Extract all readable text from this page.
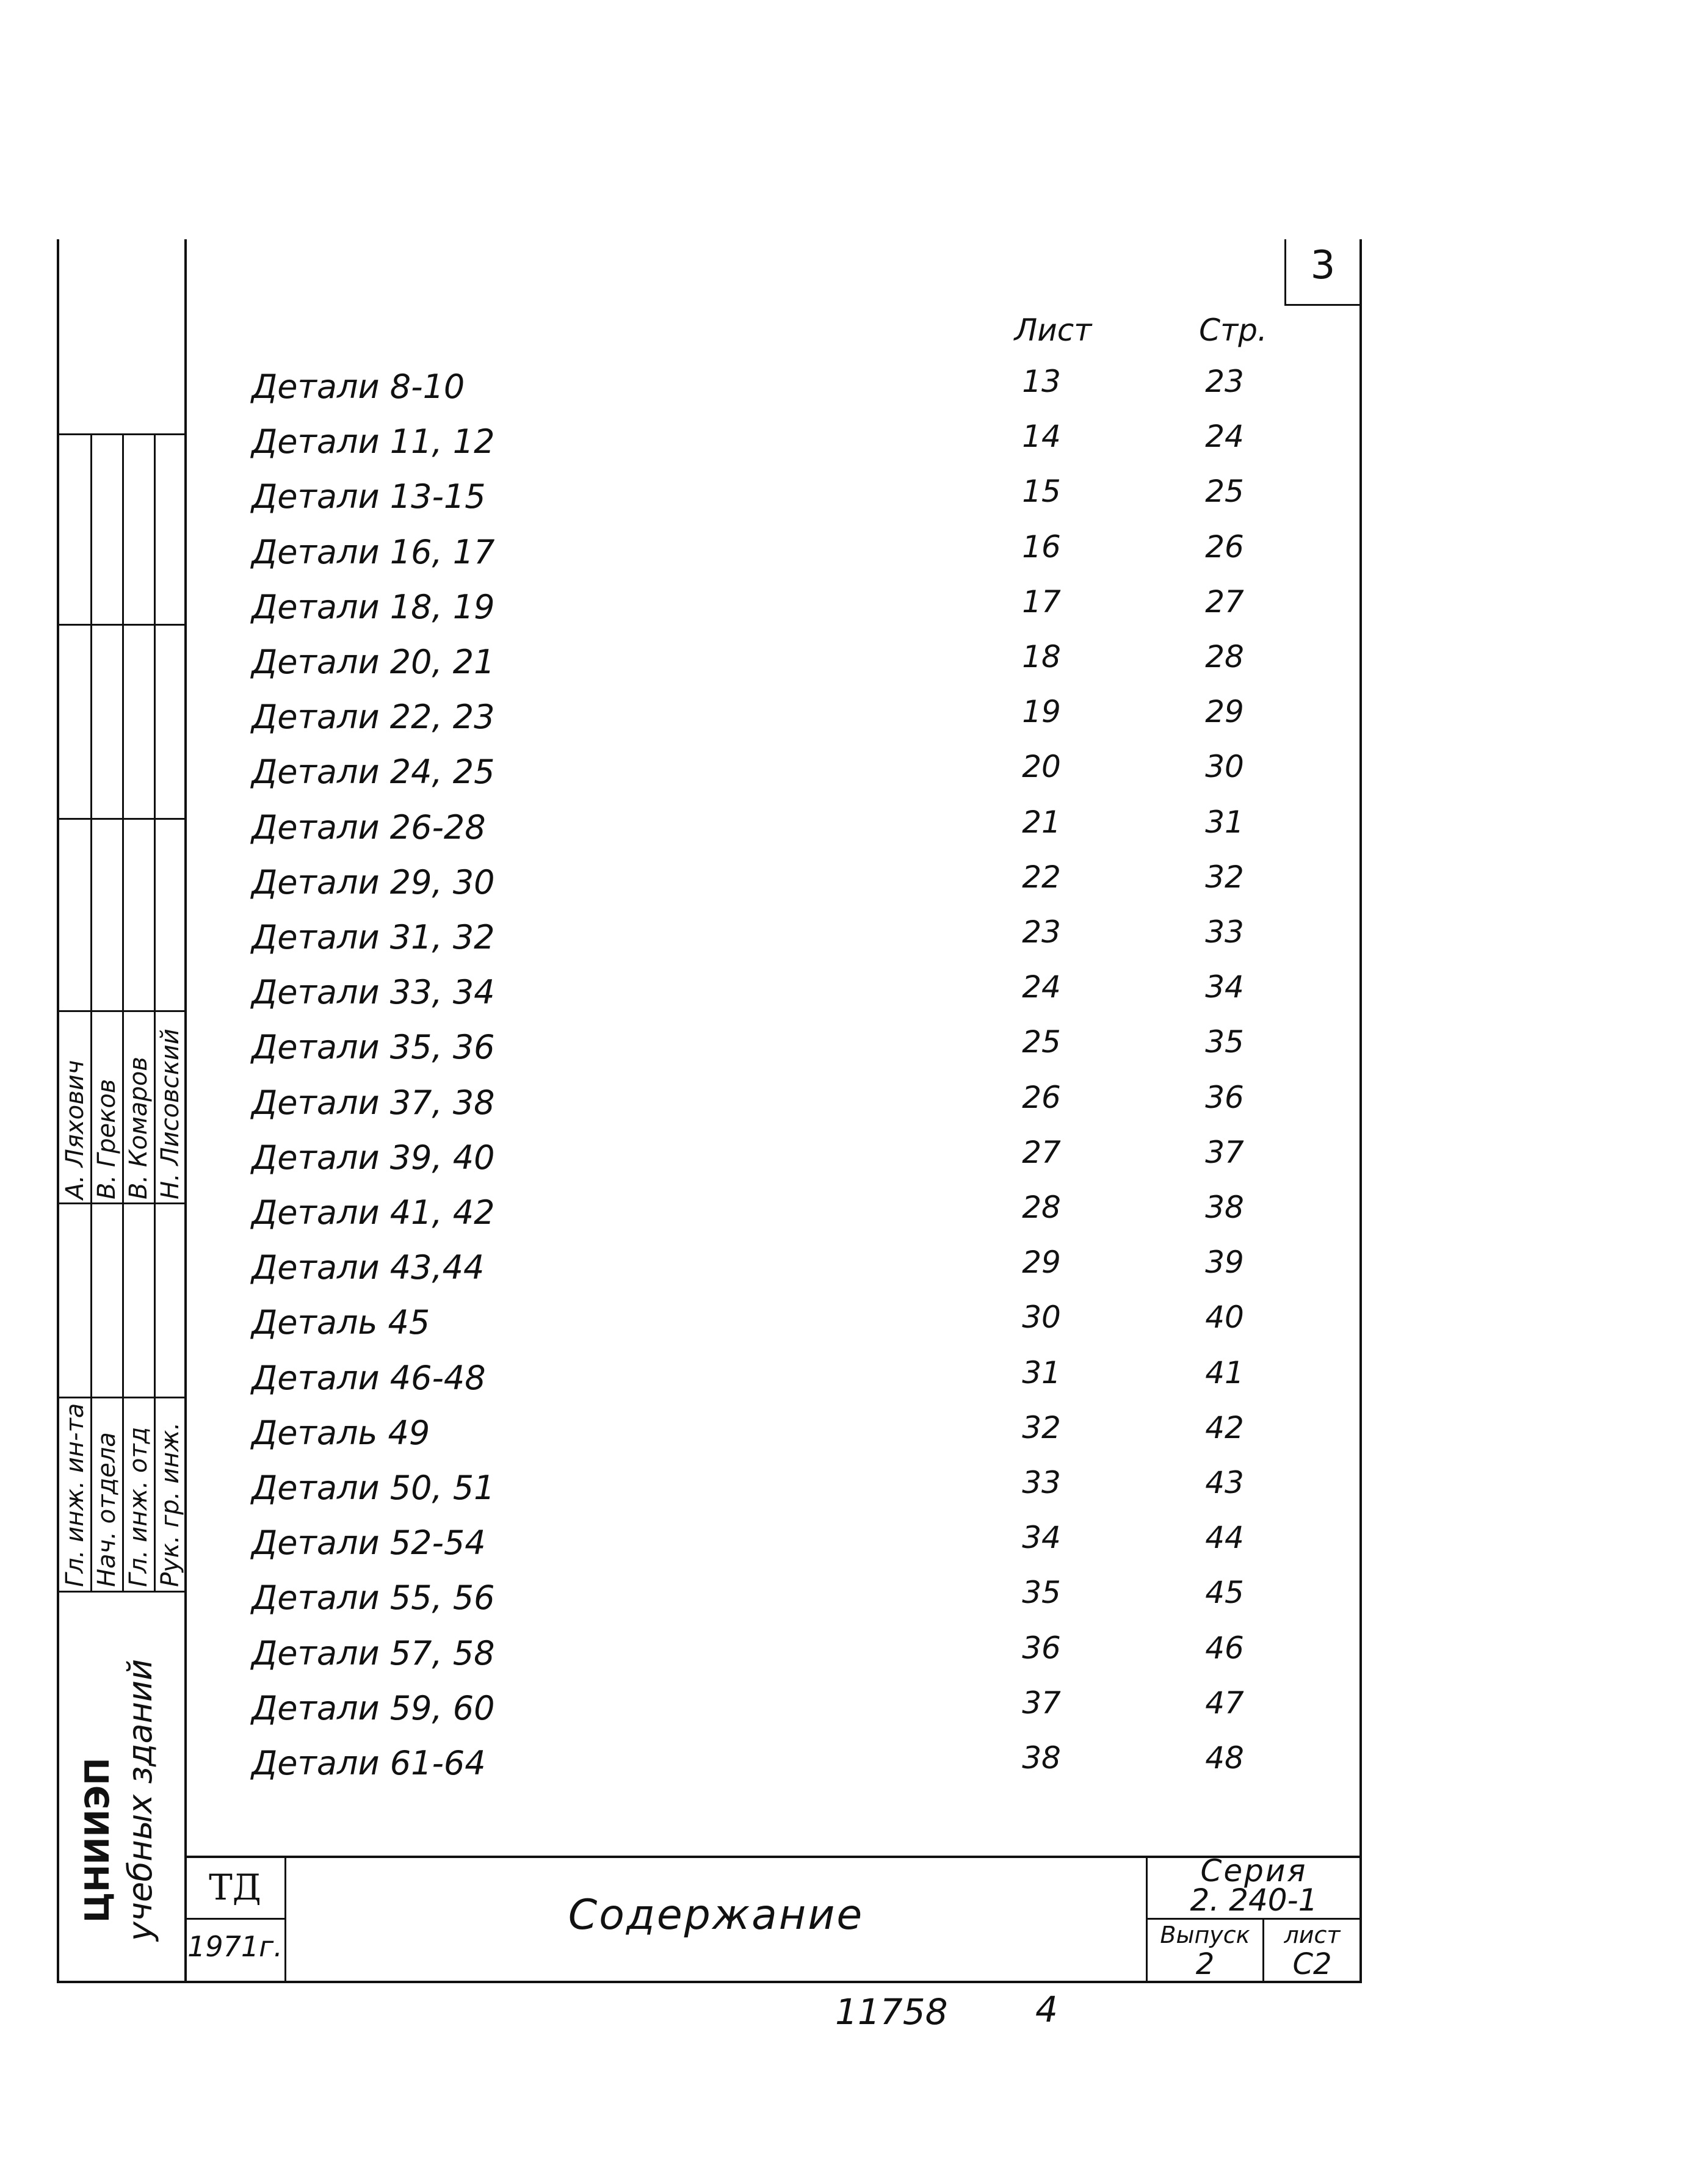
3
А. Ляхович В. Греков В. Комаров Н. Лисовский
Гл. инж. ин-та Нач. отдела Гл. инж. отд Рук. гр. инж.
ЦНИИЭП учебных зданий
Лист	Стр.
Детали 8-10	13	23
Детали 11, 12	14	24
Детали 13-15	15	25
Детали 16, 17	16	26
Детали 18, 19	17	27
Детали 20, 21	18	28
Детали 22, 23	19	29
Детали 24, 25	20	30
Детали 26-28	21	31
Детали 29, 30	22	32
Детали 31, 32	23	33
Детали 33, 34	24	34
Детали 35, 36	25	35
Детали 37, 38	26	36
Детали 39, 40	27	37
Детали 41, 42	28	38
Детали 43,44	29	39
Деталь 45	30	40
Детали 46-48	31	41
Деталь 49	32	42
Детали 50, 51	33	43
Детали 52-54	34	44
Детали 55, 56	35	45
Детали 57, 58	36	46
Детали 59, 60	37	47
Детали 61-64	38	48
ТД
1971г.
Содержание
Серия
2. 240-1
Выпуск
2
лист
С2
11758 4
